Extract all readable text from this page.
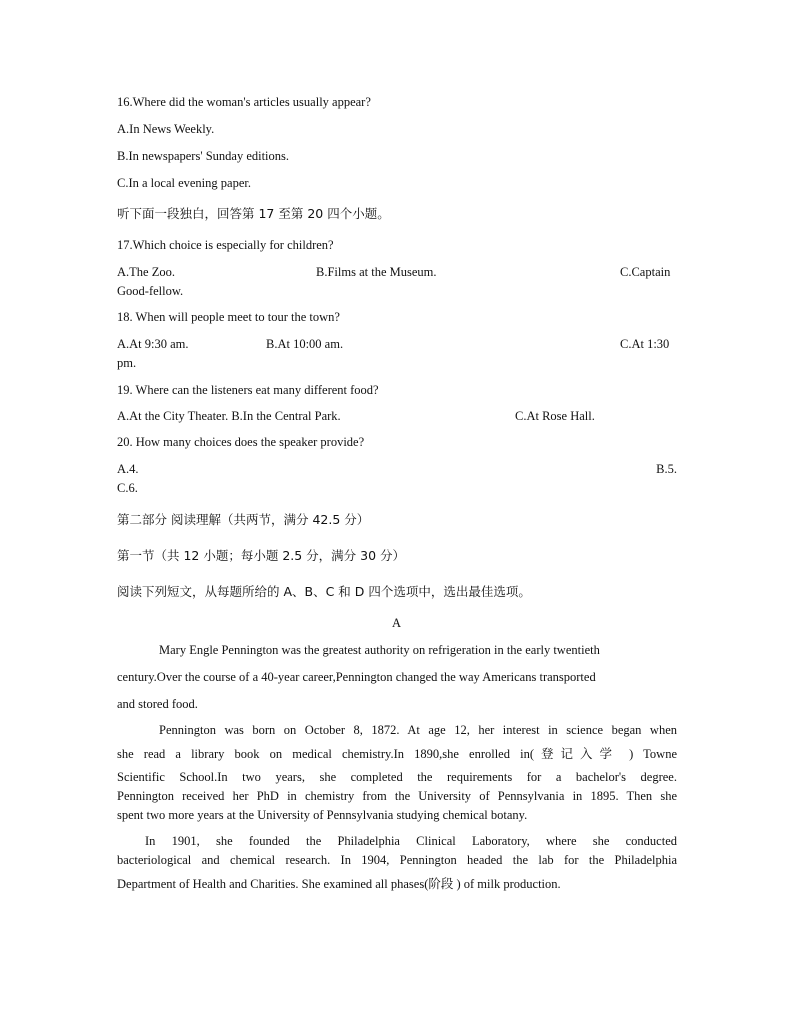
16.Where did the woman's articles usually appear?
A.In News Weekly.
B.In newspapers' Sunday editions.
C.In a local evening paper.
听下面一段独白，回答第 17 至第 20 四个小题。
17.Which choice is especially for children?
A.The Zoo.	B.Films at the Museum.	C.Captain
Good-fellow.
18. When will people meet to tour the town?
A.At 9:30 am.	B.At 10:00 am.	C.At 1:30
pm.
19. Where can the listeners eat many different food?
A.At the City Theater. B.In the Central Park.	C.At Rose Hall.
20. How many choices does the speaker provide?
A.4.	B.5.
C.6.
第二部分 阅读理解（共两节，满分 42.5 分）
第一节（共 12 小题；每小题 2.5 分，满分 30 分）
阅读下列短文，从每题所给的 A、B、C 和 D 四个选项中，选出最佳选项。
A
Mary Engle Pennington was the greatest authority on refrigeration in the early twentieth
century.Over the course of a 40-year career,Pennington changed the way Americans transported
and stored food.
Pennington was born on October 8, 1872. At age 12, her interest in science began when
she read a library book on medical chemistry.In 1890,she enrolled in(登记入学 ) Towne
Scientific School.In two years, she completed the requirements for a bachelor's degree.
Pennington received her PhD in chemistry from the University of Pennsylvania in 1895. Then she
spent two more years at the University of Pennsylvania studying chemical botany.
In 1901, she founded the Philadelphia Clinical Laboratory, where she conducted
bacteriological and chemical research. In 1904, Pennington headed the lab for the Philadelphia
Department of Health and Charities. She examined all phases(阶段 ) of milk production.
